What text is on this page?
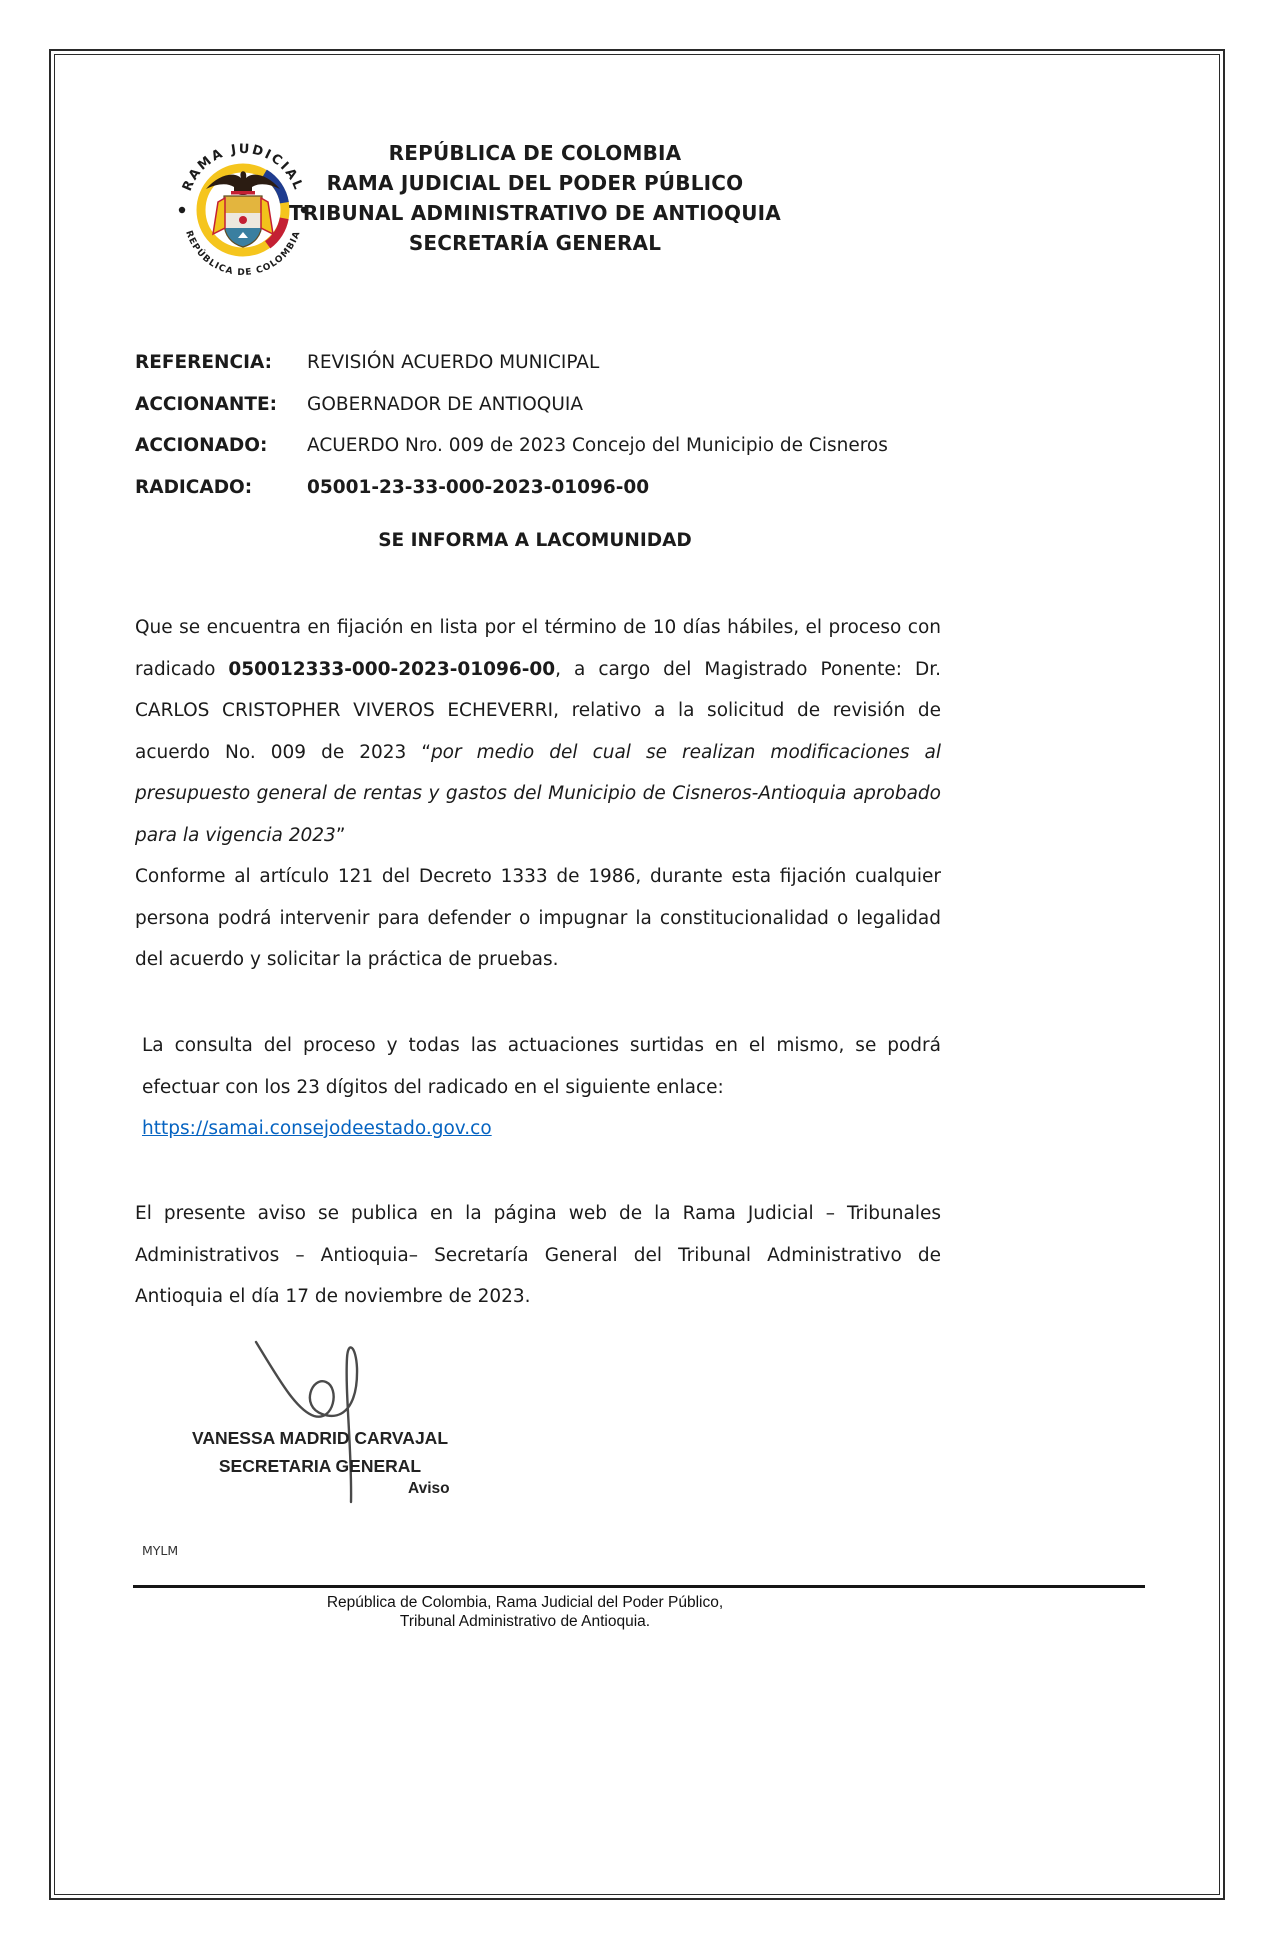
RAMA JUDICIAL
REPÚBLICA DE COLOMBIA
REPÚBLICA DE COLOMBIA
RAMA JUDICIAL DEL PODER PÚBLICO
TRIBUNAL ADMINISTRATIVO DE ANTIOQUIA
SECRETARÍA GENERAL
REFERENCIA:	REVISIÓN ACUERDO MUNICIPAL
ACCIONANTE:	GOBERNADOR DE ANTIOQUIA
ACCIONADO:	ACUERDO Nro. 009 de 2023 Concejo del Municipio de Cisneros
RADICADO:	05001-23-33-000-2023-01096-00
SE INFORMA A LACOMUNIDAD

Que se encuentra en fijación en lista por el término de 10 días hábiles, el proceso con radicado 050012333-000-2023-01096-00, a cargo del Magistrado Ponente: Dr. CARLOS CRISTOPHER VIVEROS ECHEVERRI, relativo a la solicitud de revisión de acuerdo No. 009 de 2023 “por medio del cual se realizan modificaciones al presupuesto general de rentas y gastos del Municipio de Cisneros-Antioquia aprobado para la vigencia 2023”

Conforme al artículo 121 del Decreto 1333 de 1986, durante esta fijación cualquier persona podrá intervenir para defender o impugnar la constitucionalidad o legalidad del acuerdo y solicitar la práctica de pruebas.

La consulta del proceso y todas las actuaciones surtidas en el mismo, se podrá efectuar con los 23 dígitos del radicado en el siguiente enlace:

https://samai.consejodeestado.gov.co

El presente aviso se publica en la página web de la Rama Judicial – Tribunales Administrativos – Antioquia– Secretaría General del Tribunal Administrativo de Antioquia el día 17 de noviembre de 2023.

VANESSA MADRID CARVAJAL
SECRETARIA GENERAL
Aviso
MYLM
República de Colombia, Rama Judicial del Poder Público,
Tribunal Administrativo de Antioquia.
